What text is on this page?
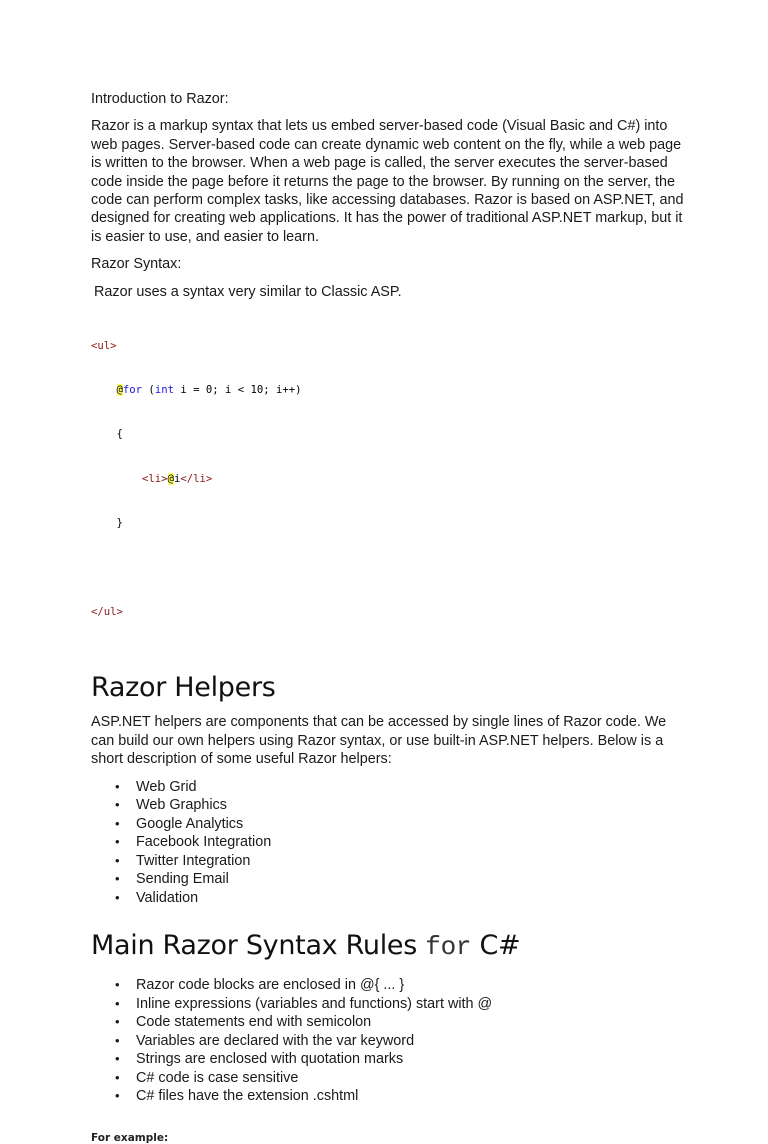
Introduction to Razor:

Razor is a markup syntax that lets us embed server-based code (Visual Basic and C#) into web pages. Server-based code can create dynamic web content on the fly, while a web page is written to the browser. When a web page is called, the server executes the server-based code inside the page before it returns the page to the browser. By running on the server, the code can perform complex tasks, like accessing databases. Razor is based on ASP.NET, and designed for creating web applications. It has the power of traditional ASP.NET markup, but it is easier to use, and easier to learn.

Razor Syntax:

Razor uses a syntax very similar to Classic ASP.

<ul>

@for (int i = 0; i < 10; i++)

{

<li>@i</li>

}

</ul>

Razor Helpers

ASP.NET helpers are components that can be accessed by single lines of Razor code. We can build our own helpers using Razor syntax, or use built-in ASP.NET helpers. Below is a short description of some useful Razor helpers:

• Web Grid
• Web Graphics
• Google Analytics
• Facebook Integration
• Twitter Integration
• Sending Email
• Validation
Main Razor Syntax Rules for C#
• Razor code blocks are enclosed in @{ ... }
• Inline expressions (variables and functions) start with @
• Code statements end with semicolon
• Variables are declared with the var keyword
• Strings are enclosed with quotation marks
• C# code is case sensitive
• C# files have the extension .cshtml

For example:
